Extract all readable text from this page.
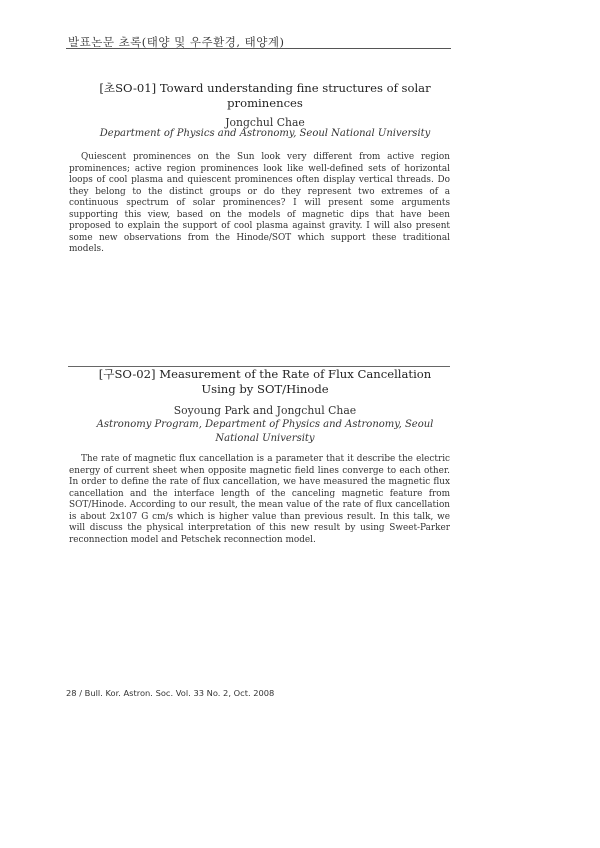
발표논문 초록(태양 및 우주환경, 태양계)
[초SO-01] Toward understanding fine structures of solar prominences
Jongchul Chae
Department of Physics and Astronomy, Seoul National University
Quiescent prominences on the Sun look very different from active region prominences; active region prominences look like well-defined sets of horizontal loops of cool plasma and quiescent prominences often display vertical threads. Do they belong to the distinct groups or do they represent two extremes of a continuous spectrum of solar prominences? I will present some arguments supporting this view, based on the models of magnetic dips that have been proposed to explain the support of cool plasma against gravity. I will also present some new observations from the Hinode/SOT which support these traditional models.
[구SO-02] Measurement of the Rate of Flux Cancellation Using by SOT/Hinode
Soyoung Park and Jongchul Chae
Astronomy Program, Department of Physics and Astronomy, Seoul National University
The rate of magnetic flux cancellation is a parameter that it describe the electric energy of current sheet when opposite magnetic field lines converge to each other. In order to define the rate of flux cancellation, we have measured the magnetic flux cancellation and the interface length of the canceling magnetic feature from SOT/Hinode. According to our result, the mean value of the rate of flux cancellation is about 2x107 G cm/s which is higher value than previous result. In this talk, we will discuss the physical interpretation of this new result by using Sweet-Parker reconnection model and Petschek reconnection model.
28 / Bull. Kor. Astron. Soc. Vol. 33 No. 2, Oct. 2008
